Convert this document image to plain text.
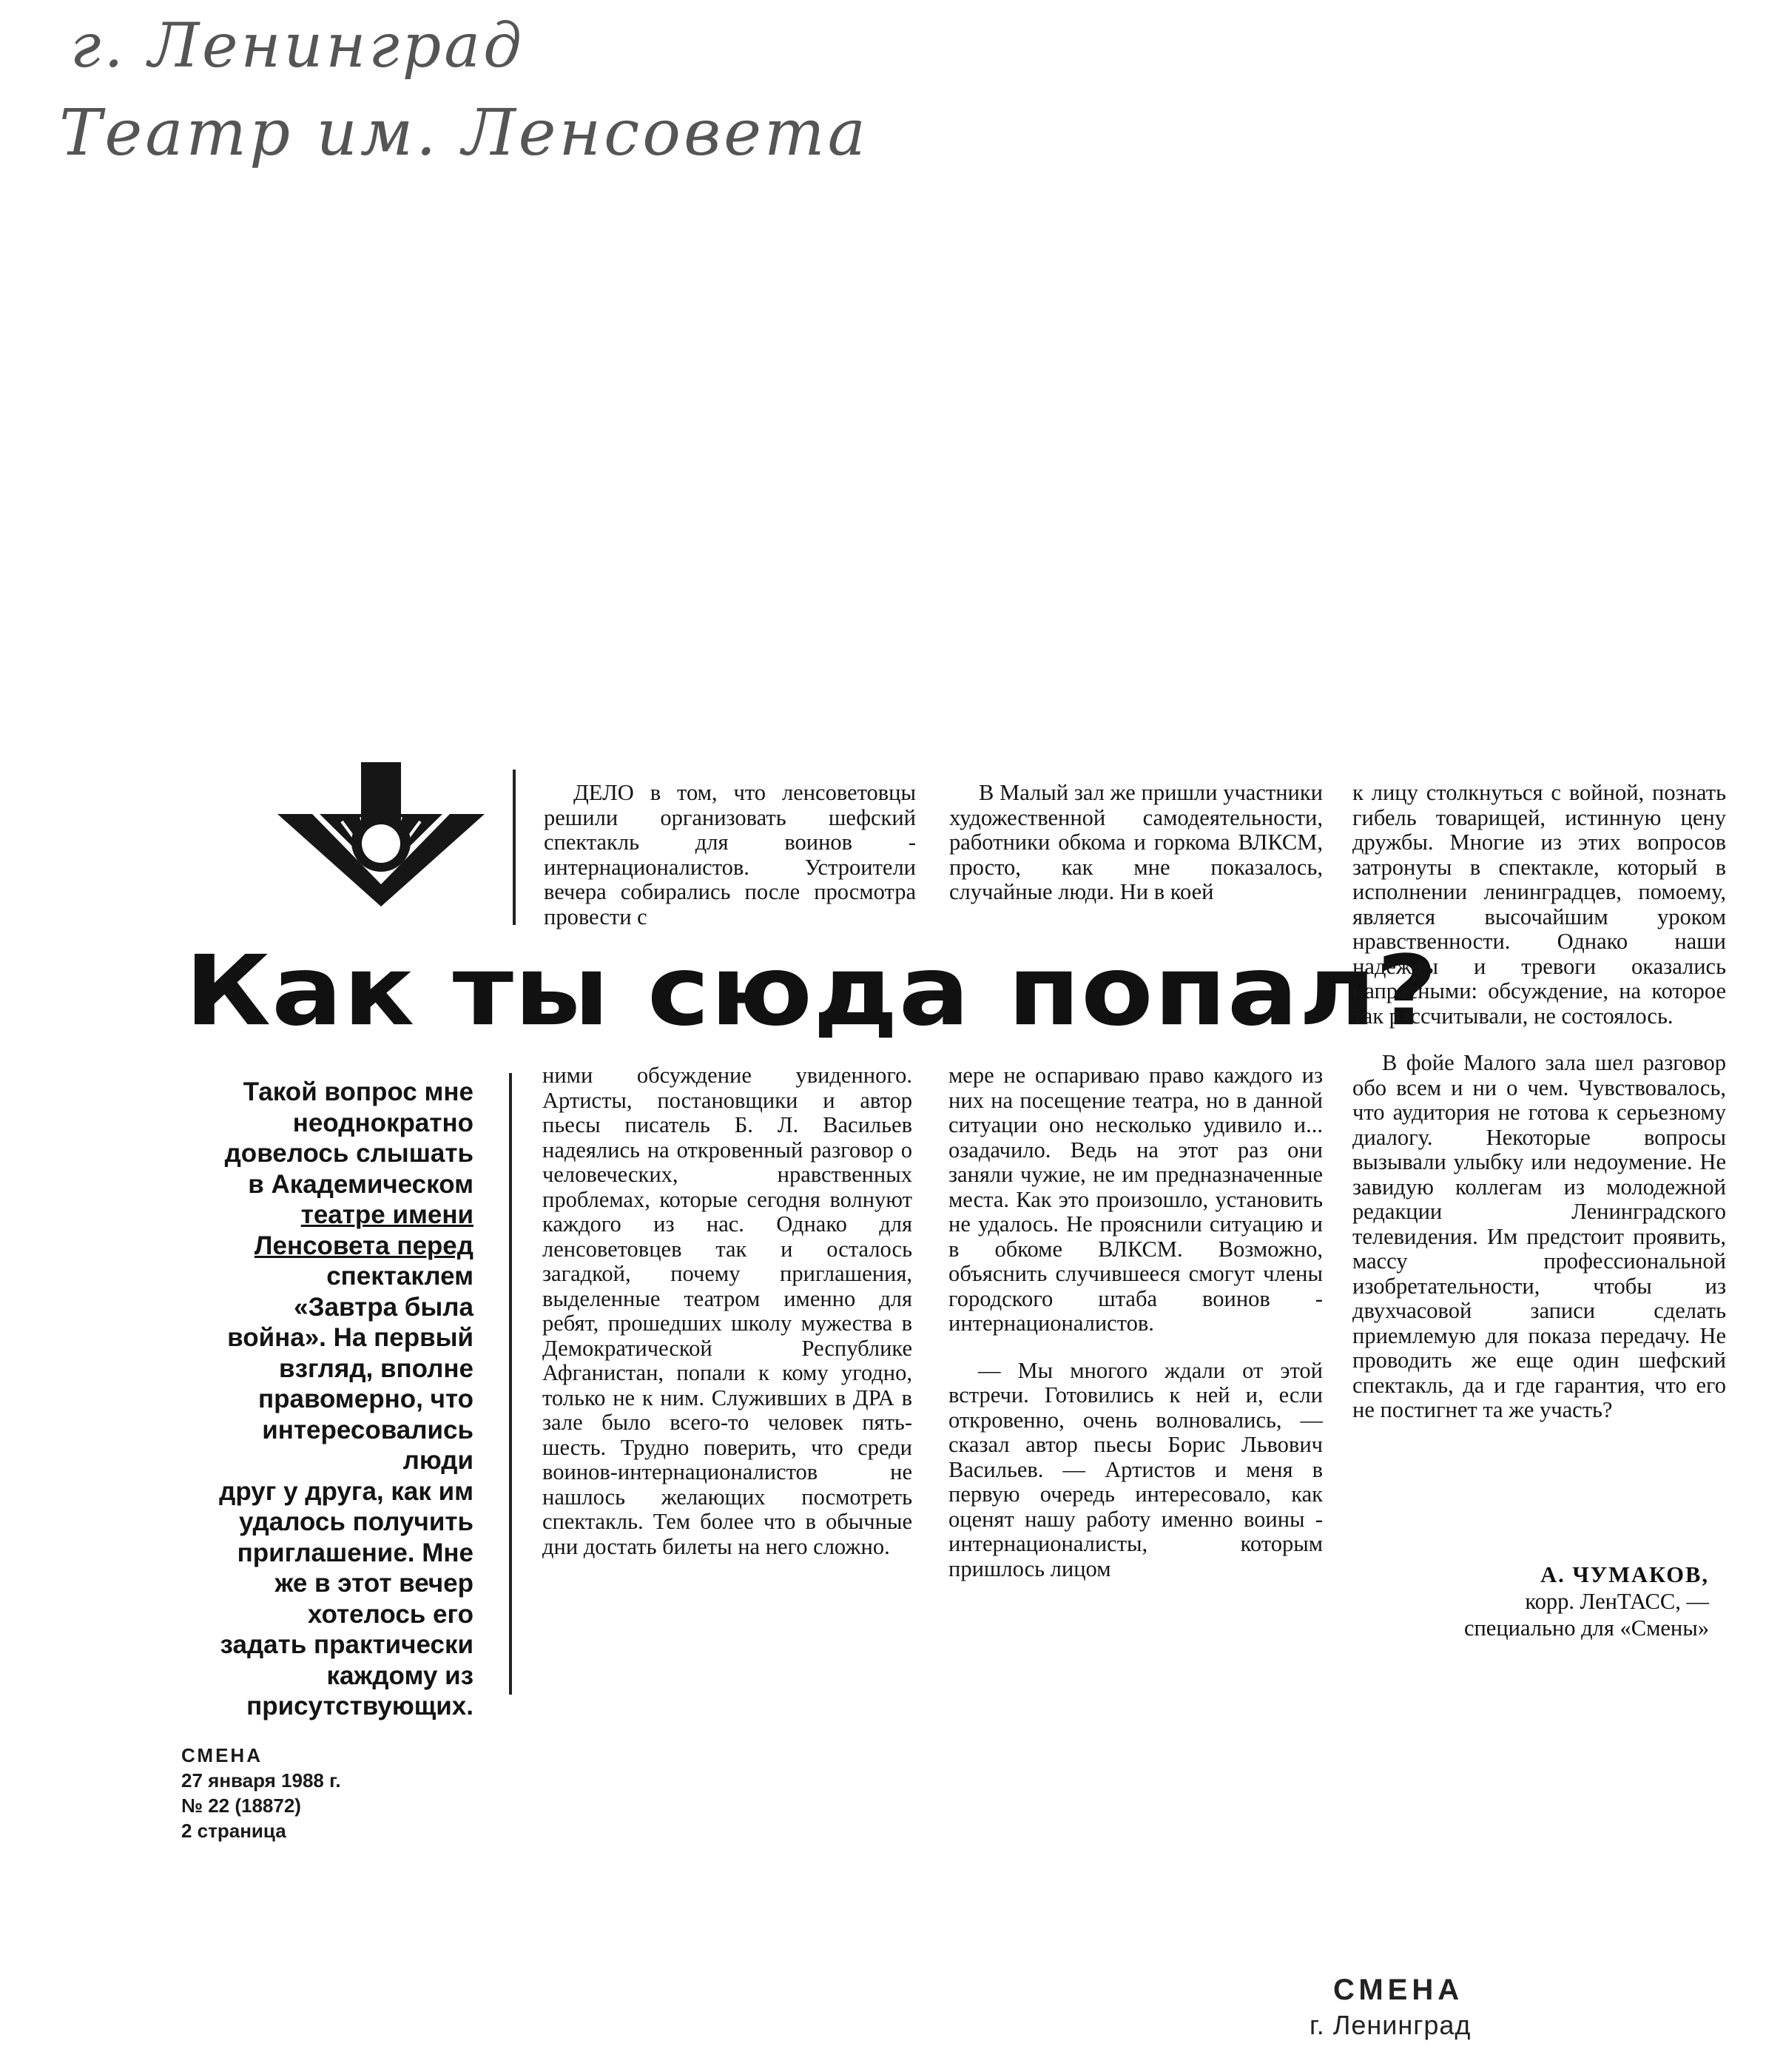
г. Ленинград
Театр им. Ленсовета

ДЕЛО в том, что ленсоветовцы решили организовать шефский спектакль для воинов - интернационалистов. Устроители вечера собирались после просмотра провести с

В Малый зал же пришли участники художественной самодеятельности, работники обкома и горкома ВЛКСМ, просто, как мне показалось, случайные люди. Ни в коей

Как ты сюда попал?
Такой вопрос мне
неоднократно
довелось слышать
в Академическом
театре имени
Ленсовета перед
спектаклем
«Завтра была
война». На первый
взгляд, вполне
правомерно, что
интересовались
люди
друг у друга, как им
удалось получить
приглашение. Мне
же в этот вечер
хотелось его
задать практически
каждому из
присутствующих.

ними обсуждение увиденного. Артисты, постановщики и автор пьесы писатель Б. Л. Васильев надеялись на откровенный разговор о человеческих, нравственных проблемах, которые сегодня волнуют каждого из нас. Однако для ленсоветовцев так и осталось загадкой, почему приглашения, выделенные театром именно для ребят, прошедших школу мужества в Демократической Республике Афганистан, попали к кому угодно, только не к ним. Служивших в ДРА в зале было всего-то человек пять-шесть. Трудно поверить, что среди воинов-интернационалистов не нашлось желающих посмотреть спектакль. Тем более что в обычные дни достать билеты на него сложно.

мере не оспариваю право каждого из них на посещение театра, но в данной ситуации оно несколько удивило и... озадачило. Ведь на этот раз они заняли чужие, не им предназначенные места. Как это произошло, установить не удалось. Не прояснили ситуацию и в обкоме ВЛКСМ. Возможно, объяснить случившееся смогут члены городского штаба воинов - интернационалистов.

— Мы многого ждали от этой встречи. Готовились к ней и, если откровенно, очень волновались, — сказал автор пьесы Борис Львович Васильев. — Артистов и меня в первую очередь интересовало, как оценят нашу работу именно воины - интернационалисты, которым пришлось лицом

к лицу столкнуться с войной, познать гибель товарищей, истинную цену дружбы. Многие из этих вопросов затронуты в спектакле, который в исполнении ленинградцев, помоему, является высочайшим уроком нравственности. Однако наши надежды и тревоги оказались напрасными: обсуждение, на которое так рассчитывали, не состоялось.

В фойе Малого зала шел разговор обо всем и ни о чем. Чувствовалось, что аудитория не готова к серьезному диалогу. Некоторые вопросы вызывали улыбку или недоумение. Не завидую коллегам из молодежной редакции Ленинградского телевидения. Им предстоит проявить, массу профессиональной изобретательности, чтобы из двухчасовой записи сделать приемлемую для показа передачу. Не проводить же еще один шефский спектакль, да и где гарантия, что его не постигнет та же участь?

А. ЧУМАКОВ,
корр. ЛенТАСС, —
специально для «Смены»
СМЕНА
27 января 1988 г.
№ 22 (18872)
2 страница
СМЕНА
г. Ленинград
